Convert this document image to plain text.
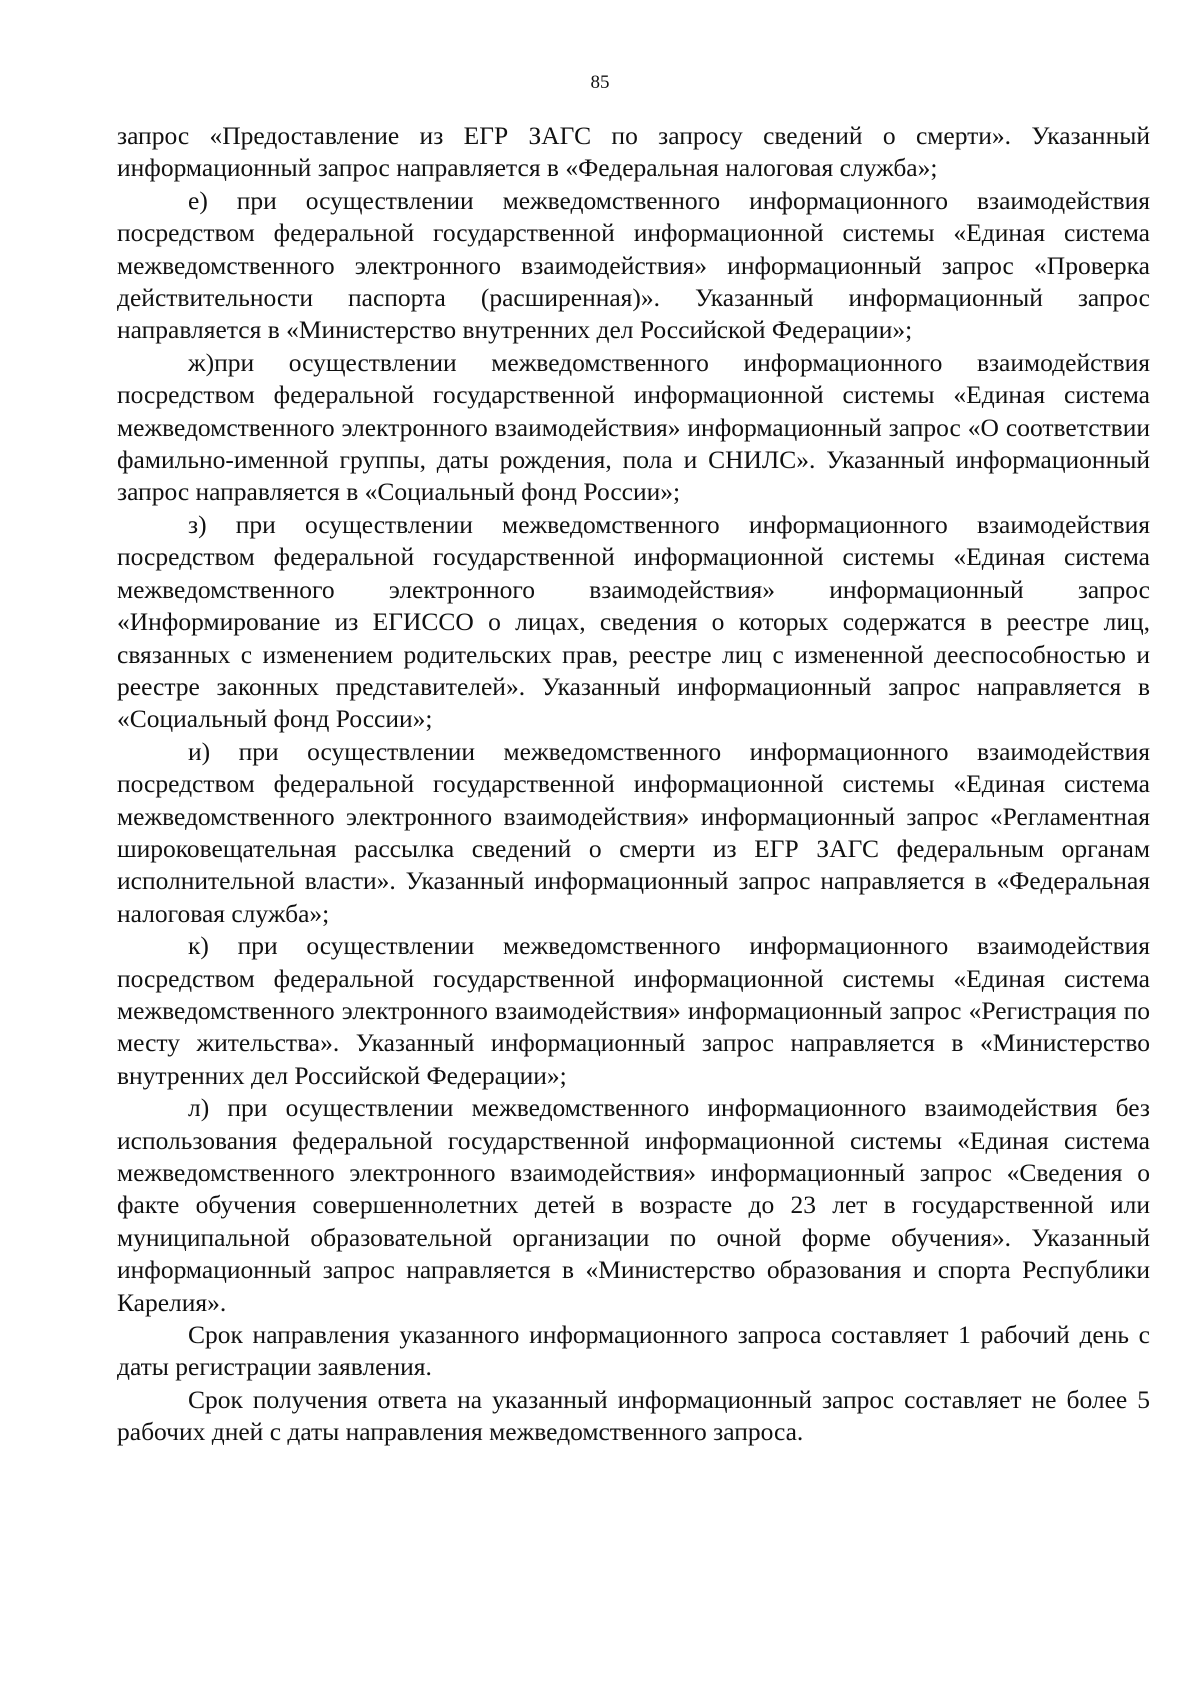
85

запрос «Предоставление из ЕГР ЗАГС по запросу сведений о смерти». Указанный информационный запрос направляется в «Федеральная налоговая служба»;

е) при осуществлении межведомственного информационного взаимодействия посредством федеральной государственной информационной системы «Единая система межведомственного электронного взаимодействия» информационный запрос «Проверка действительности паспорта (расширенная)». Указанный информационный запрос направляется в «Министерство внутренних дел Российской Федерации»;

ж)при осуществлении межведомственного информационного взаимодействия посредством федеральной государственной информационной системы «Единая система межведомственного электронного взаимодействия» информационный запрос «О соответствии фамильно-именной группы, даты рождения, пола и СНИЛС». Указанный информационный запрос направляется в «Социальный фонд России»;

з) при осуществлении межведомственного информационного взаимодействия посредством федеральной государственной информационной системы «Единая система межведомственного электронного взаимодействия» информационный запрос «Информирование из ЕГИССО о лицах, сведения о которых содержатся в реестре лиц, связанных с изменением родительских прав, реестре лиц с измененной дееспособностью и реестре законных представителей». Указанный информационный запрос направляется в «Социальный фонд России»;

и) при осуществлении межведомственного информационного взаимодействия посредством федеральной государственной информационной системы «Единая система межведомственного электронного взаимодействия» информационный запрос «Регламентная широковещательная рассылка сведений о смерти из ЕГР ЗАГС федеральным органам исполнительной власти». Указанный информационный запрос направляется в «Федеральная налоговая служба»;

к) при осуществлении межведомственного информационного взаимодействия посредством федеральной государственной информационной системы «Единая система межведомственного электронного взаимодействия» информационный запрос «Регистрация по месту жительства». Указанный информационный запрос направляется в «Министерство внутренних дел Российской Федерации»;

л) при осуществлении межведомственного информационного взаимодействия без использования федеральной государственной информационной системы «Единая система межведомственного электронного взаимодействия» информационный запрос «Сведения о факте обучения совершеннолетних детей в возрасте до 23 лет в государственной или муниципальной образовательной организации по очной форме обучения». Указанный информационный запрос направляется в «Министерство образования и спорта Республики Карелия».

Срок направления указанного информационного запроса составляет 1 рабочий день с даты регистрации заявления.

Срок получения ответа на указанный информационный запрос составляет не более 5 рабочих дней с даты направления межведомственного запроса.
